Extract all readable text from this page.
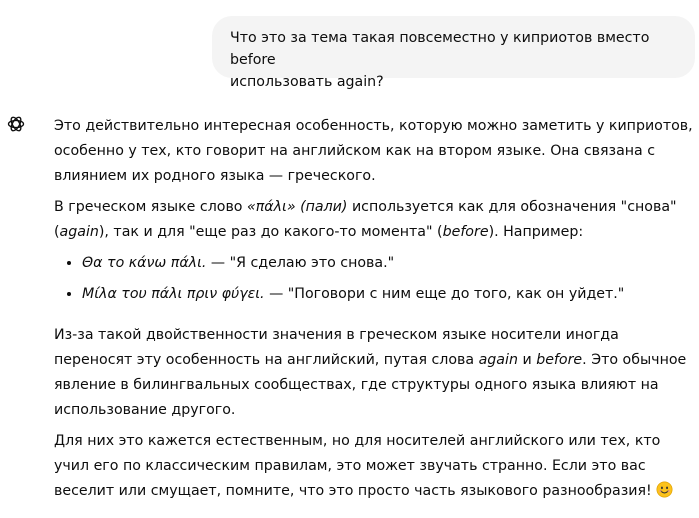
Что это за тема такая повсеместно у киприотов вместо before
использовать again?

Это действительно интересная особенность, которую можно заметить у киприотов, особенно у тех, кто говорит на английском как на втором языке. Она связана с влиянием их родного языка — греческого.

В греческом языке слово «πάλι» (пали) используется как для обозначения "снова" (again), так и для "еще раз до какого-то момента" (before). Например:

• Θα το κάνω πάλι. — "Я сделаю это снова."
• Μίλα του πάλι πριν φύγει. — "Поговори с ним еще до того, как он уйдет."

Из-за такой двойственности значения в греческом языке носители иногда переносят эту особенность на английский, путая слова again и before. Это обычное явление в билингвальных сообществах, где структуры одного языка влияют на использование другого.

Для них это кажется естественным, но для носителей английского или тех, кто учил его по классическим правилам, это может звучать странно. Если это вас веселит или смущает, помните, что это просто часть языкового разнообразия!
